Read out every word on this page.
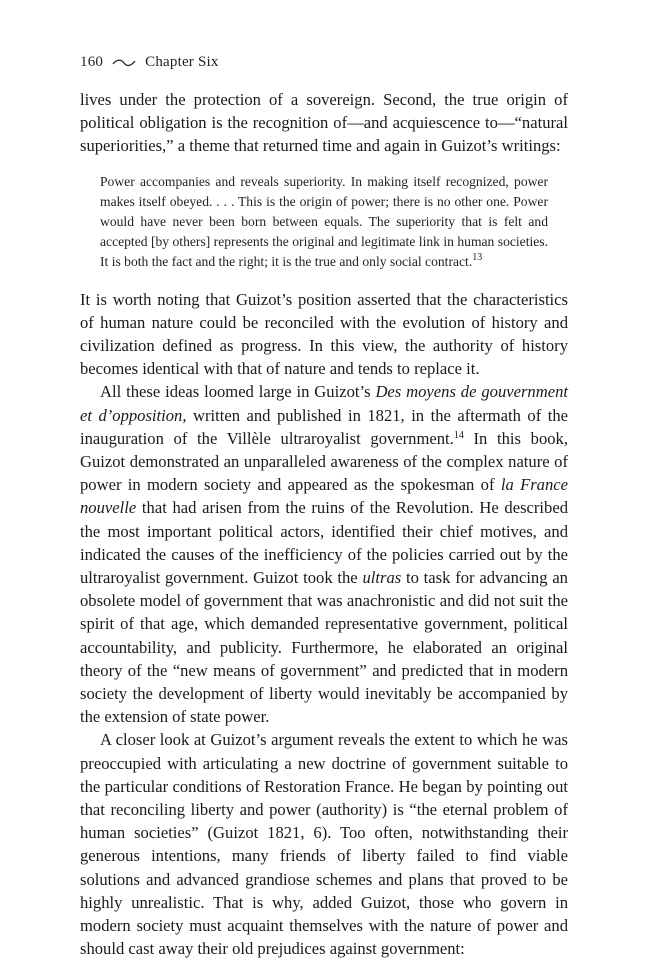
160	Chapter Six

lives under the protection of a sovereign. Second, the true origin of political obligation is the recognition of—and acquiescence to—“natural superiorities,” a theme that returned time and again in Guizot’s writings:

Power accompanies and reveals superiority. In making itself recognized, power makes itself obeyed. . . . This is the origin of power; there is no other one. Power would have never been born between equals. The superiority that is felt and accepted [by others] represents the original and legitimate link in human societies. It is both the fact and the right; it is the true and only social contract.$^{13}$

It is worth noting that Guizot’s position asserted that the characteristics of human nature could be reconciled with the evolution of history and civilization defined as progress. In this view, the authority of history becomes identical with that of nature and tends to replace it.

All these ideas loomed large in Guizot’s Des moyens de gouvernment et d’opposition, written and published in 1821, in the aftermath of the inauguration of the Villèle ultraroyalist government.$^{14}$ In this book, Guizot demonstrated an unparalleled awareness of the complex nature of power in modern society and appeared as the spokesman of la France nouvelle that had arisen from the ruins of the Revolution. He described the most important political actors, identified their chief motives, and indicated the causes of the inefficiency of the policies carried out by the ultraroyalist government. Guizot took the ultras to task for advancing an obsolete model of government that was anachronistic and did not suit the spirit of that age, which demanded representative government, political accountability, and publicity. Furthermore, he elaborated an original theory of the “new means of government” and predicted that in modern society the development of liberty would inevitably be accompanied by the extension of state power.

A closer look at Guizot’s argument reveals the extent to which he was preoccupied with articulating a new doctrine of government suitable to the particular conditions of Restoration France. He began by pointing out that reconciling liberty and power (authority) is “the eternal problem of human societies” (Guizot 1821, 6). Too often, notwithstanding their generous intentions, many friends of liberty failed to find viable solutions and advanced grandiose schemes and plans that proved to be highly unrealistic. That is why, added Guizot, those who govern in modern society must acquaint themselves with the nature of power and should cast away their old prejudices against government:
